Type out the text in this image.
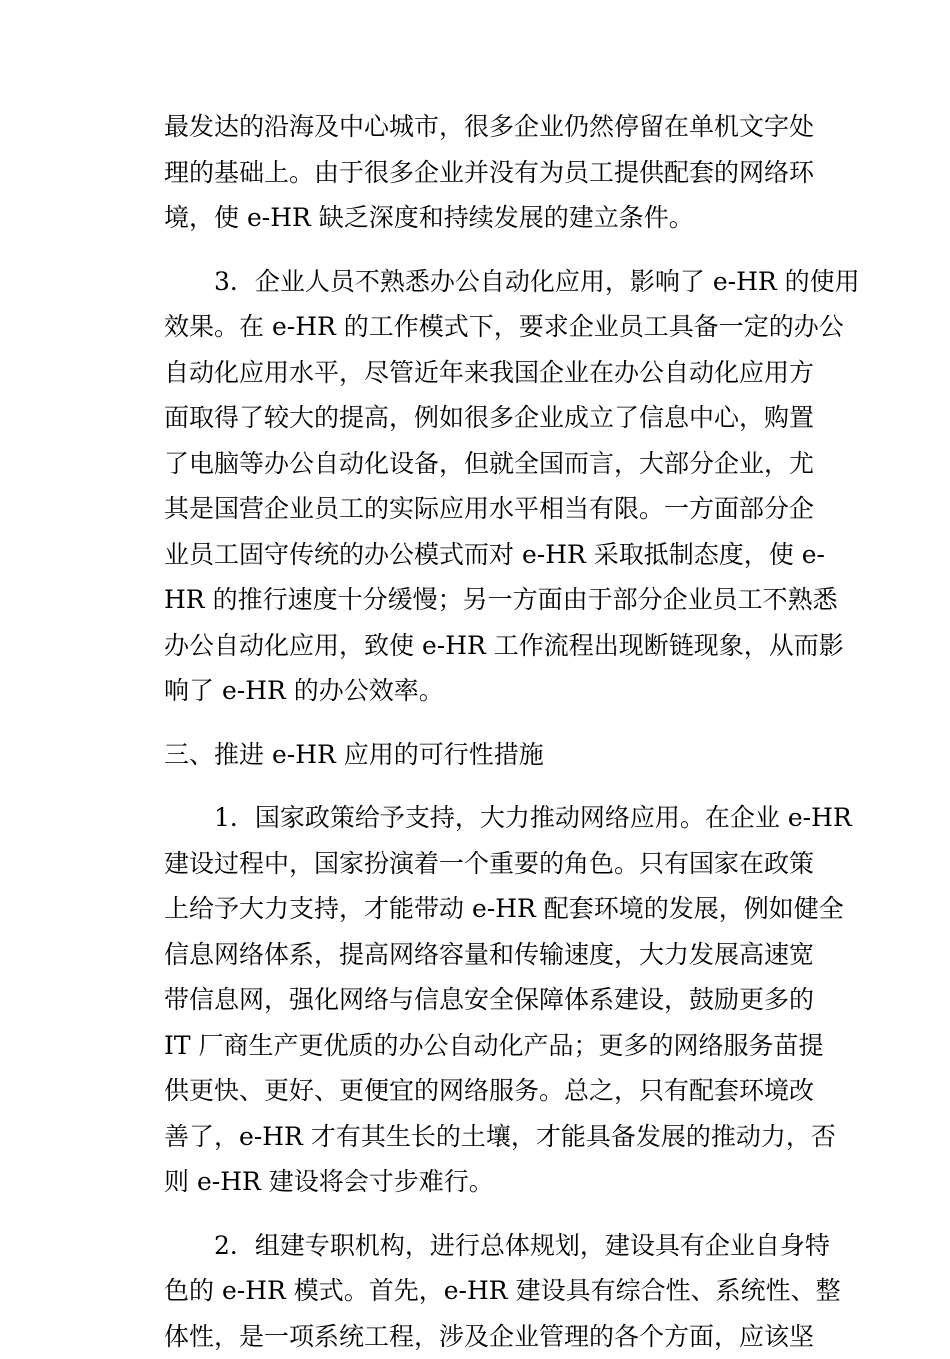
最发达的沿海及中心城市，很多企业仍然停留在单机文字处
理的基础上。由于很多企业并没有为员工提供配套的网络环
境，使 e-HR 缺乏深度和持续发展的建立条件。

　　3．企业人员不熟悉办公自动化应用，影响了 e-HR 的使用
效果。在 e-HR 的工作模式下，要求企业员工具备一定的办公
自动化应用水平，尽管近年来我国企业在办公自动化应用方
面取得了较大的提高，例如很多企业成立了信息中心，购置
了电脑等办公自动化设备，但就全国而言，大部分企业，尤
其是国营企业员工的实际应用水平相当有限。一方面部分企
业员工固守传统的办公模式而对 e-HR 采取抵制态度，使 e-
HR 的推行速度十分缓慢；另一方面由于部分企业员工不熟悉
办公自动化应用，致使 e-HR 工作流程出现断链现象，从而影
响了 e-HR 的办公效率。

三、推进 e-HR 应用的可行性措施

　　1．国家政策给予支持，大力推动网络应用。在企业 e-HR
建设过程中，国家扮演着一个重要的角色。只有国家在政策
上给予大力支持，才能带动 e-HR 配套环境的发展，例如健全
信息网络体系，提高网络容量和传输速度，大力发展高速宽
带信息网，强化网络与信息安全保障体系建设，鼓励更多的
IT 厂商生产更优质的办公自动化产品；更多的网络服务苗提
供更快、更好、更便宜的网络服务。总之，只有配套环境改
善了，e-HR 才有其生长的土壤，才能具备发展的推动力，否
则 e-HR 建设将会寸步难行。

　　2．组建专职机构，进行总体规划，建设具有企业自身特
色的 e-HR 模式。首先，e-HR 建设具有综合性、系统性、整
体性，是一项系统工程，涉及企业管理的各个方面，应该坚
